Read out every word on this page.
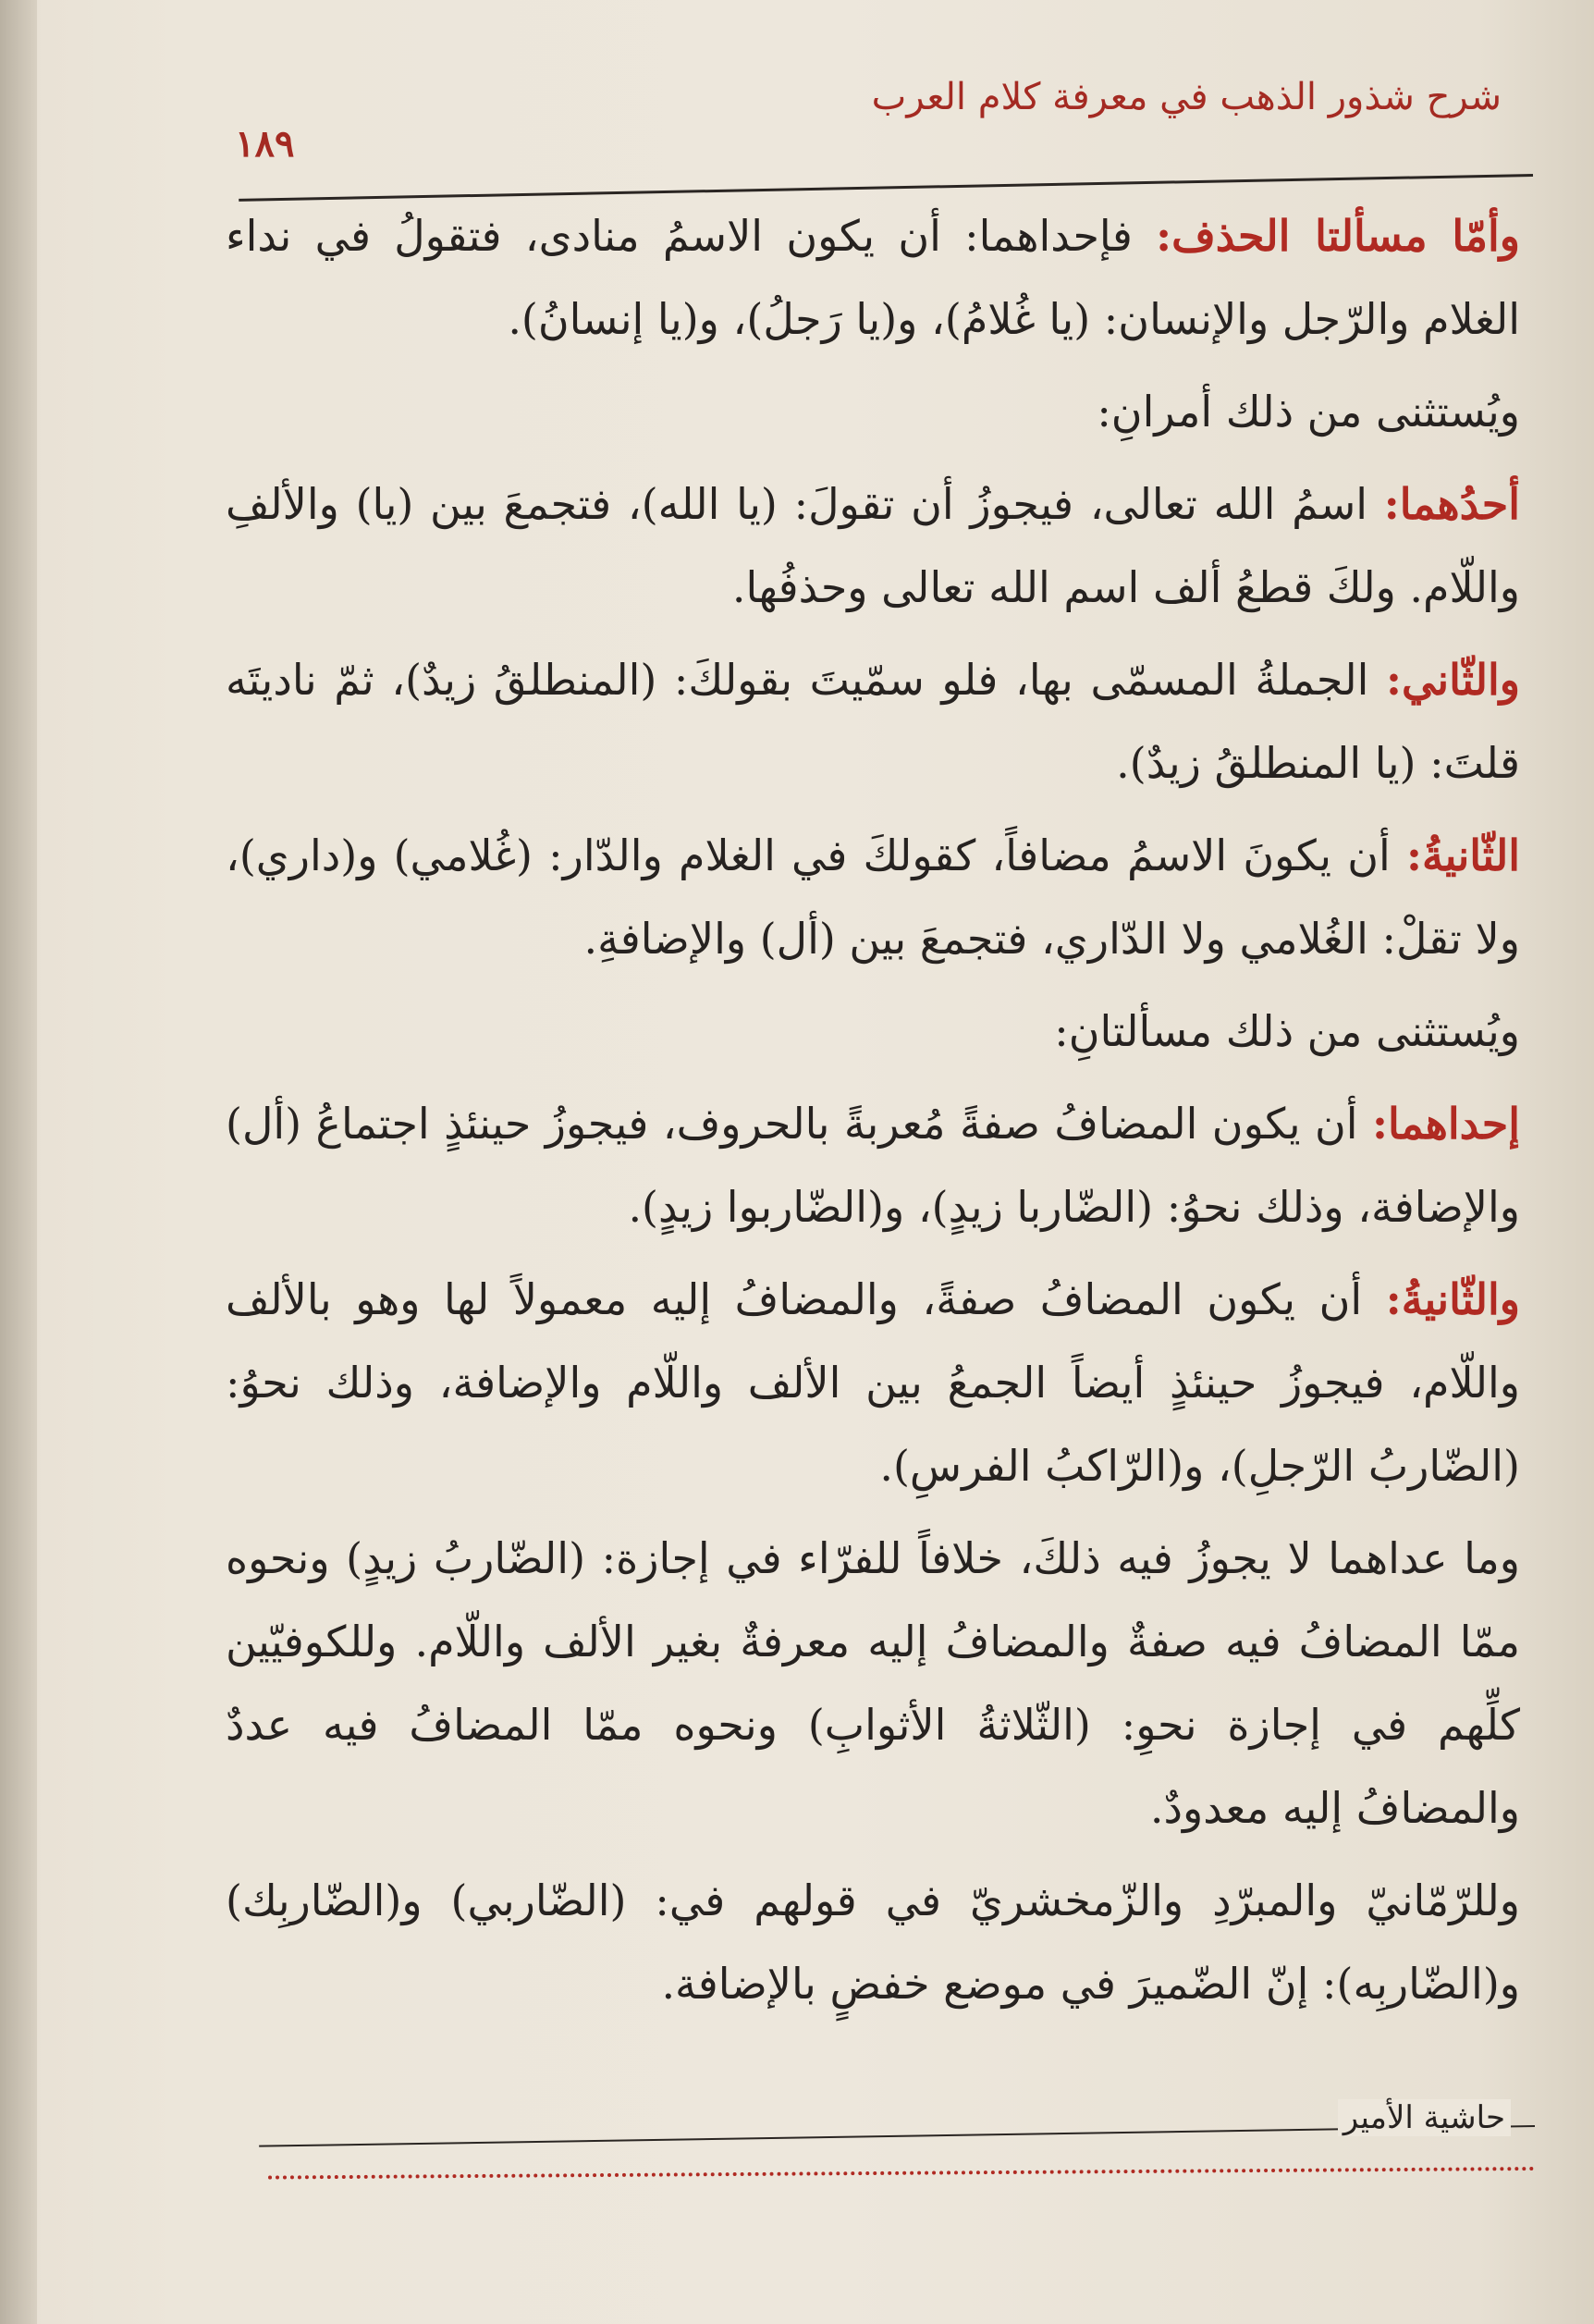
شرح شذور الذهب في معرفة كلام العرب
١٨٩

وأمّا مسألتا الحذف: فإحداهما: أن يكون الاسمُ منادى، فتقولُ في نداء الغلام والرّجل والإنسان: (يا غُلامُ)، و(يا رَجلُ)، و(يا إنسانُ).

ويُستثنى من ذلك أمرانِ:

أحدُهما: اسمُ الله تعالى، فيجوزُ أن تقولَ: (يا الله)، فتجمعَ بين (يا) والألفِ واللّام. ولكَ قطعُ ألف اسم الله تعالى وحذفُها.

والثّاني: الجملةُ المسمّى بها، فلو سمّيتَ بقولكَ: (المنطلقُ زيدٌ)، ثمّ ناديتَه قلتَ: (يا المنطلقُ زيدٌ).

الثّانيةُ: أن يكونَ الاسمُ مضافاً، كقولكَ في الغلام والدّار: (غُلامي) و(داري)، ولا تقلْ: الغُلامي ولا الدّاري، فتجمعَ بين (أل) والإضافةِ.

ويُستثنى من ذلك مسألتانِ:

إحداهما: أن يكون المضافُ صفةً مُعربةً بالحروف، فيجوزُ حينئذٍ اجتماعُ (أل) والإضافة، وذلك نحوُ: (الضّاربا زيدٍ)، و(الضّاربوا زيدٍ).

والثّانيةُ: أن يكون المضافُ صفةً، والمضافُ إليه معمولاً لها وهو بالألف واللّام، فيجوزُ حينئذٍ أيضاً الجمعُ بين الألف واللّام والإضافة، وذلك نحوُ: (الضّاربُ الرّجلِ)، و(الرّاكبُ الفرسِ).

وما عداهما لا يجوزُ فيه ذلكَ، خلافاً للفرّاء في إجازة: (الضّاربُ زيدٍ) ونحوه ممّا المضافُ فيه صفةٌ والمضافُ إليه معرفةٌ بغير الألف واللّام. وللكوفيّين كلِّهم في إجازة نحوِ: (الثّلاثةُ الأثوابِ) ونحوه ممّا المضافُ فيه عددٌ والمضافُ إليه معدودٌ.

وللرّمّانيّ والمبرّدِ والزّمخشريّ في قولهم في: (الضّاربي) و(الضّاربِك) و(الضّاربِه): إنّ الضّميرَ في موضع خفضٍ بالإضافة.

حاشية الأمير
